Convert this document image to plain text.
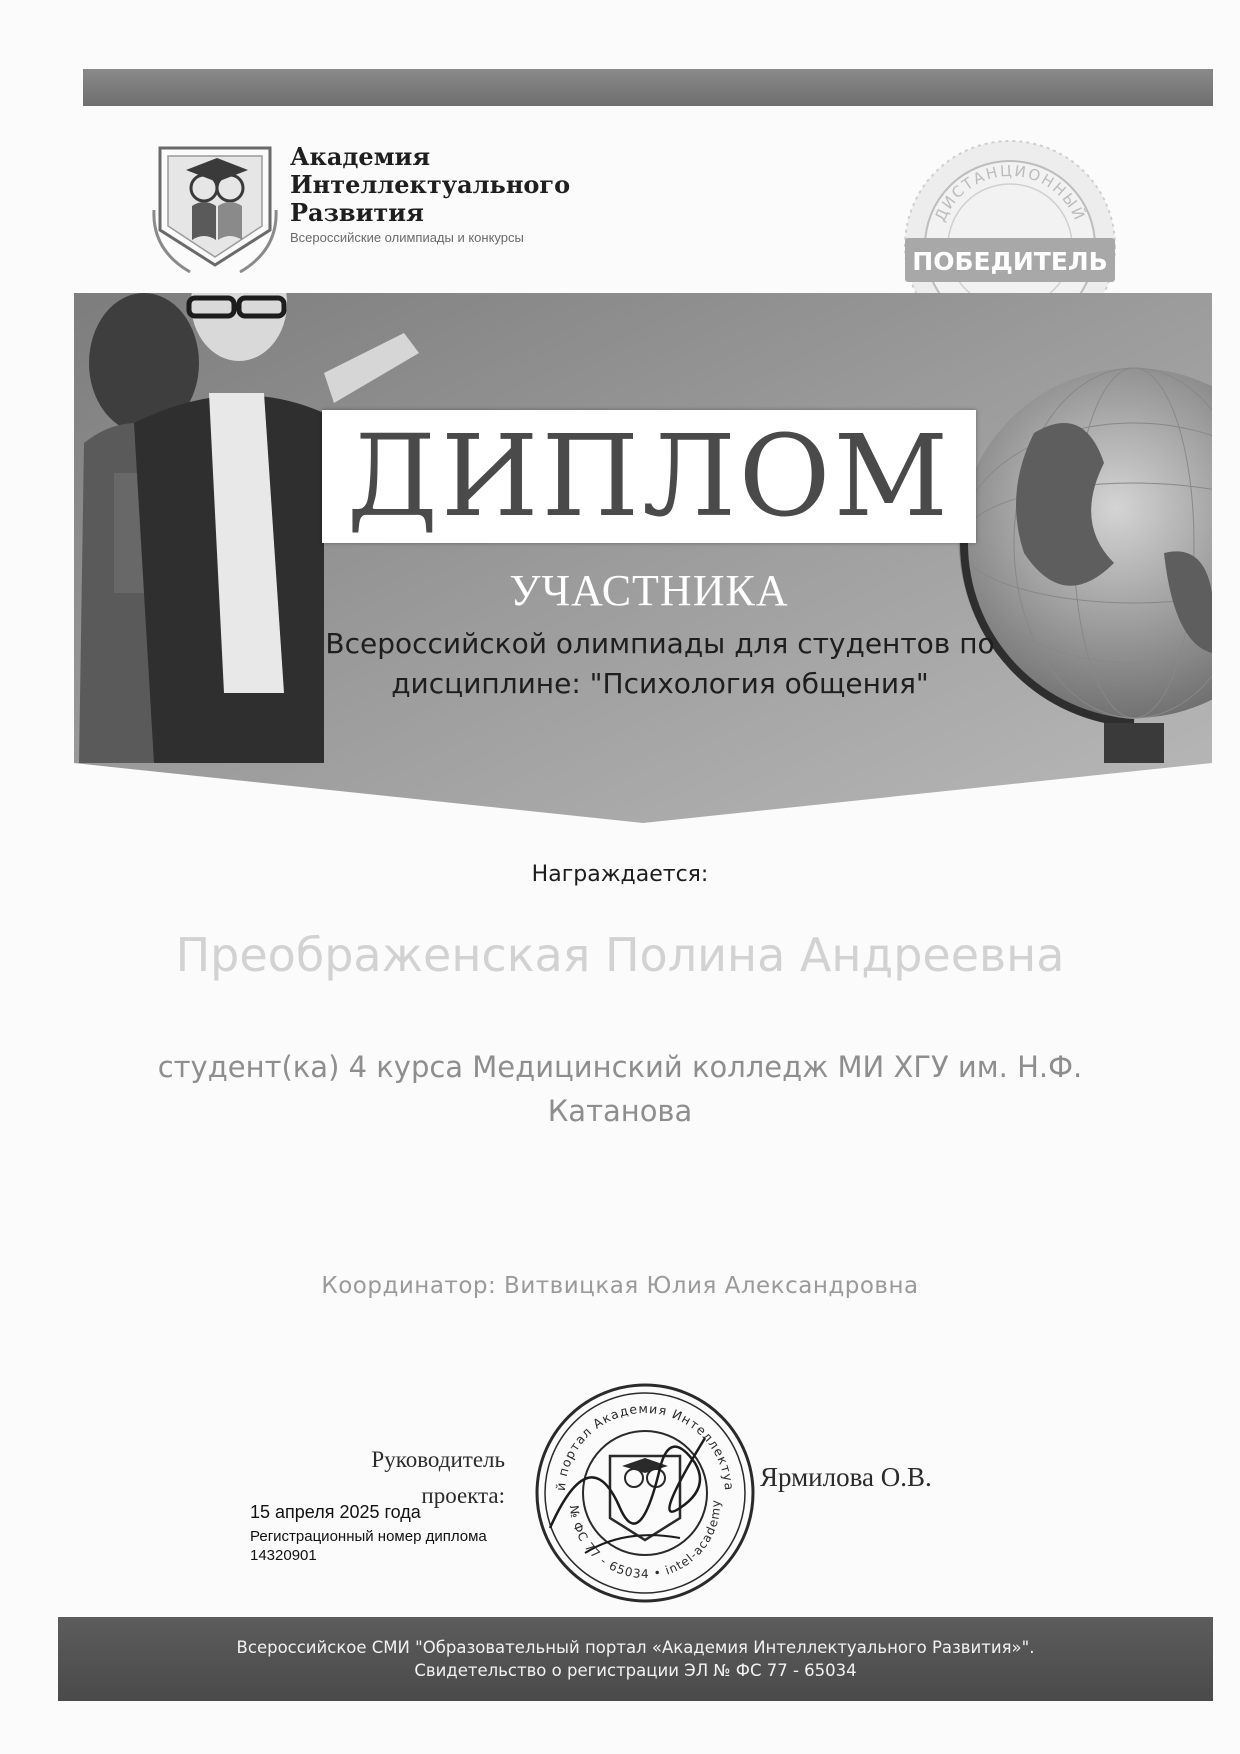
Академия
Интеллектуального
Развития
Всероссийские олимпиады и конкурсы
ДИСТАНЦИОННЫЙ
ПОБЕДИТЕЛЬ
ДИПЛОМ
УЧАСТНИКА
Всероссийской олимпиады для студентов по
дисциплине: "Психология общения"
Награждается:
Преображенская Полина Андреевна
студент(ка) 4 курса Медицинский колледж МИ ХГУ им. Н.Ф.
Катанова
Координатор: Витвицкая Юлия Александровна
Руководитель
проекта:
Ярмилова О.В.
15 апреля 2025 года
Регистрационный номер диплома
14320901
й портал Академия Интеллектуа
№ ФС 77 - 65034 • intel-academy
Всероссийское СМИ "Образовательный портал «Академия Интеллектуального Развития»".
Свидетельство о регистрации ЭЛ № ФС 77 - 65034
